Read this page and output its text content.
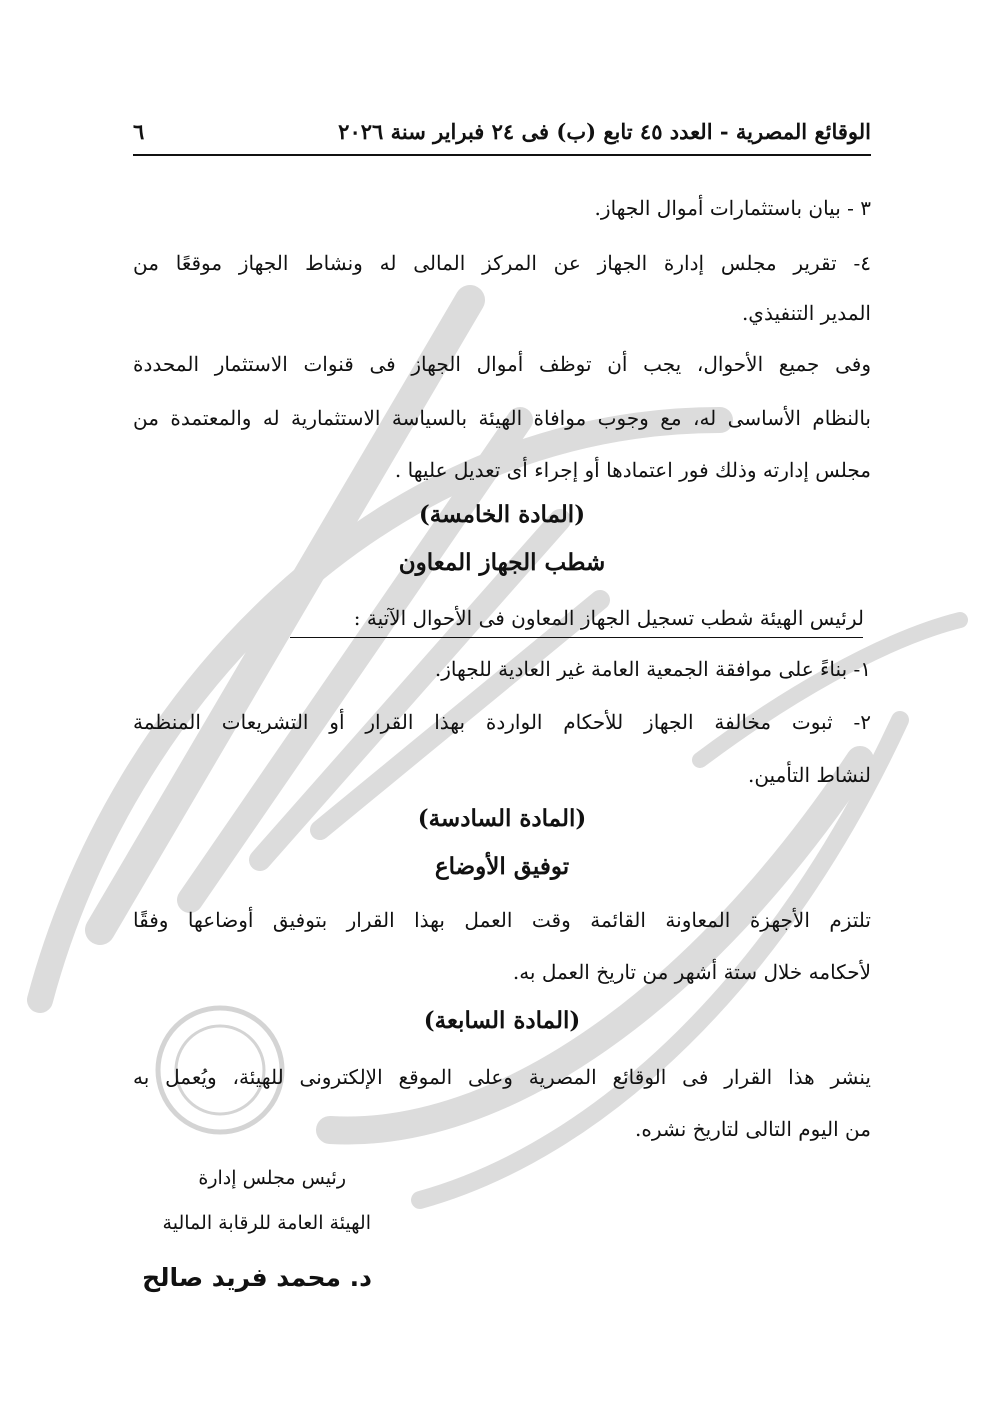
الوقائع المصرية - العدد ٤٥ تابع (ب) فى ٢٤ فبراير سنة ٢٠٢٦
٦

٣ - بيان باستثمارات أموال الجهاز.

٤- تقرير مجلس إدارة الجهاز عن المركز المالى له ونشاط الجهاز موقعًا من

المدير التنفيذي.

وفى جميع الأحوال، يجب أن توظف أموال الجهاز فى قنوات الاستثمار المحددة

بالنظام الأساسى له، مع وجوب موافاة الهيئة بالسياسة الاستثمارية له والمعتمدة من

مجلس إدارته وذلك فور اعتمادها أو إجراء أى تعديل عليها .

(المادة الخامسة)

شطب الجهاز المعاون

لرئيس الهيئة شطب تسجيل الجهاز المعاون فى الأحوال الآتية :

١- بناءً على موافقة الجمعية العامة غير العادية للجهاز.

٢- ثبوت مخالفة الجهاز للأحكام الواردة بهذا القرار أو التشريعات المنظمة

لنشاط التأمين.

(المادة السادسة)

توفيق الأوضاع

تلتزم الأجهزة المعاونة القائمة وقت العمل بهذا القرار بتوفيق أوضاعها وفقًا

لأحكامه خلال ستة أشهر من تاريخ العمل به.

(المادة السابعة)

ينشر هذا القرار فى الوقائع المصرية وعلى الموقع الإلكترونى للهيئة، ويُعمل به

من اليوم التالى لتاريخ نشره.

رئيس مجلس إدارة

الهيئة العامة للرقابة المالية

د. محمد فريد صالح
